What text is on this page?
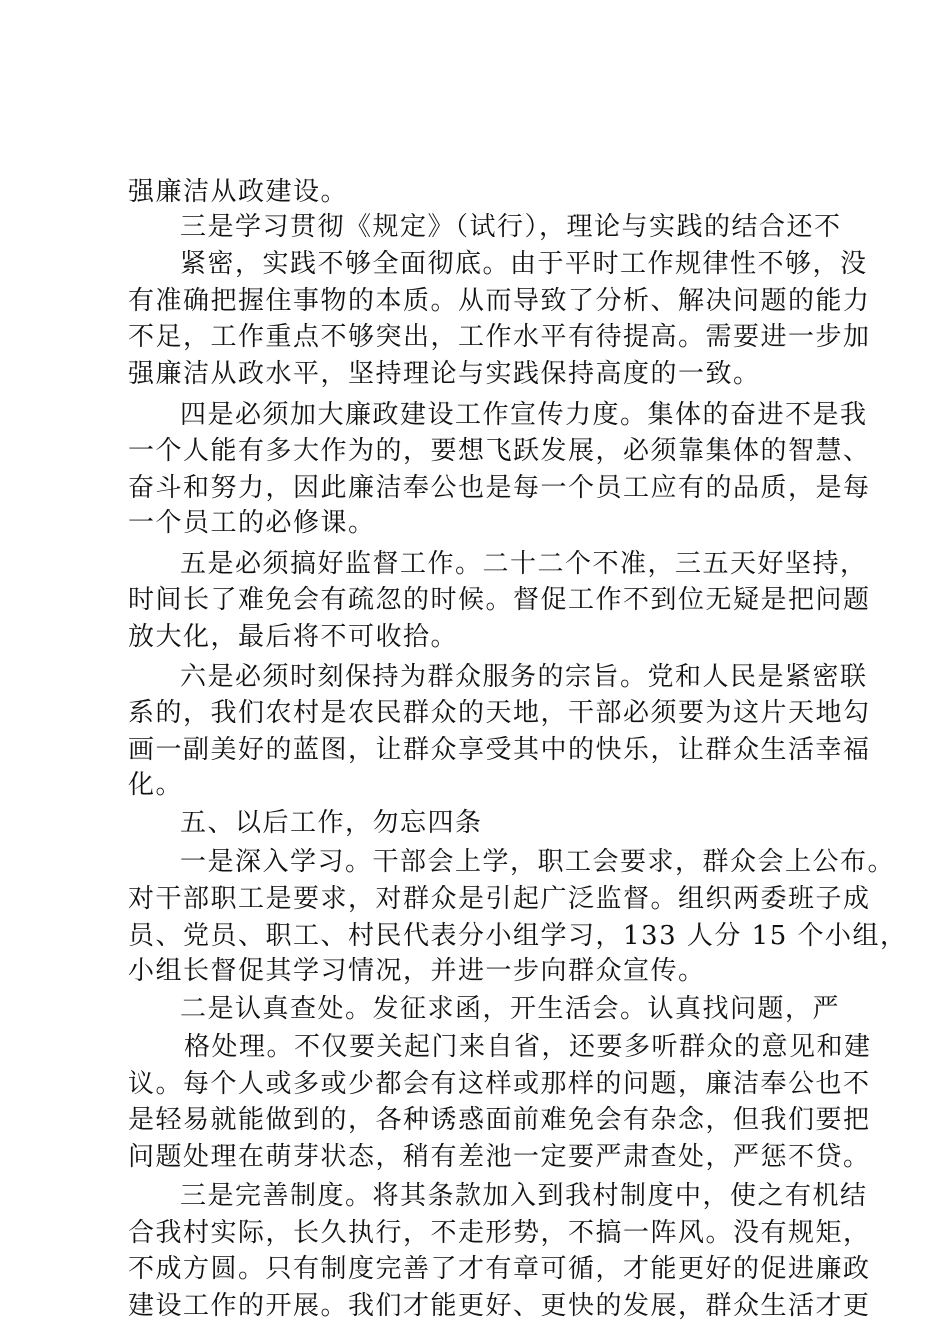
强廉洁从政建设。
三是学习贯彻《规定》（试行），理论与实践的结合还不
紧密，实践不够全面彻底。由于平时工作规律性不够，没
有准确把握住事物的本质。从而导致了分析、解决问题的能力
不足，工作重点不够突出，工作水平有待提高。需要进一步加
强廉洁从政水平，坚持理论与实践保持高度的一致。
四是必须加大廉政建设工作宣传力度。集体的奋进不是我
一个人能有多大作为的，要想飞跃发展，必须靠集体的智慧、
奋斗和努力，因此廉洁奉公也是每一个员工应有的品质，是每
一个员工的必修课。
五是必须搞好监督工作。二十二个不准，三五天好坚持，
时间长了难免会有疏忽的时候。督促工作不到位无疑是把问题
放大化，最后将不可收拾。
六是必须时刻保持为群众服务的宗旨。党和人民是紧密联
系的，我们农村是农民群众的天地，干部必须要为这片天地勾
画一副美好的蓝图，让群众享受其中的快乐，让群众生活幸福
化。
五、以后工作，勿忘四条
一是深入学习。干部会上学，职工会要求，群众会上公布。
对干部职工是要求，对群众是引起广泛监督。组织两委班子成
员、党员、职工、村民代表分小组学习，133 人分 15 个小组，
小组长督促其学习情况，并进一步向群众宣传。
二是认真查处。发征求函，开生活会。认真找问题，严
格处理。不仅要关起门来自省，还要多听群众的意见和建
议。每个人或多或少都会有这样或那样的问题，廉洁奉公也不
是轻易就能做到的，各种诱惑面前难免会有杂念，但我们要把
问题处理在萌芽状态，稍有差池一定要严肃查处，严惩不贷。
三是完善制度。将其条款加入到我村制度中，使之有机结
合我村实际，长久执行，不走形势，不搞一阵风。没有规矩，
不成方圆。只有制度完善了才有章可循，才能更好的促进廉政
建设工作的开展。我们才能更好、更快的发展，群众生活才更
